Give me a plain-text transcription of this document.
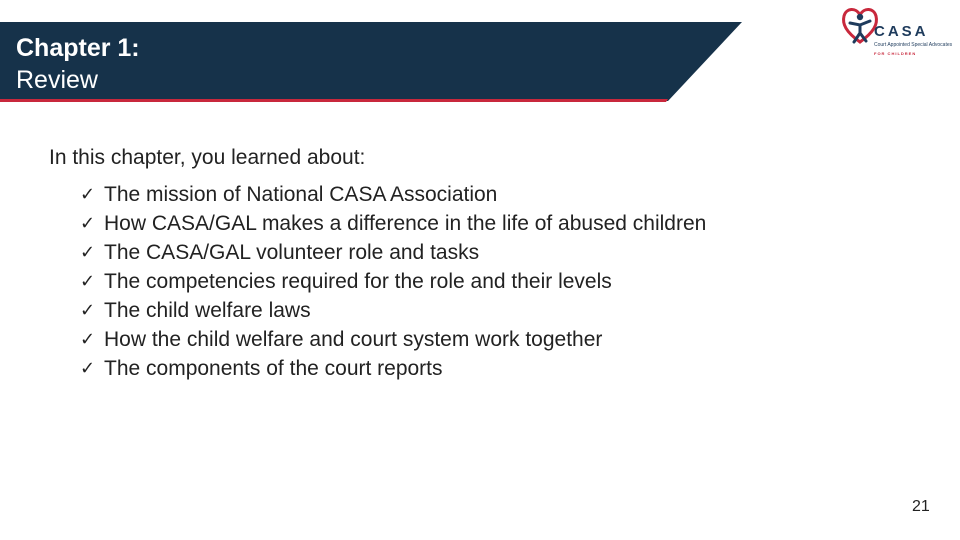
Chapter 1:
Review
CASA
Court Appointed Special Advocates
FOR CHILDREN
In this chapter, you learned about:
✓ The mission of National CASA Association
✓ How CASA/GAL makes a difference in the life of abused children
✓ The CASA/GAL volunteer role and tasks
✓ The competencies required for the role and their levels
✓ The child welfare laws
✓ How the child welfare and court system work together
✓ The components of the court reports
21
